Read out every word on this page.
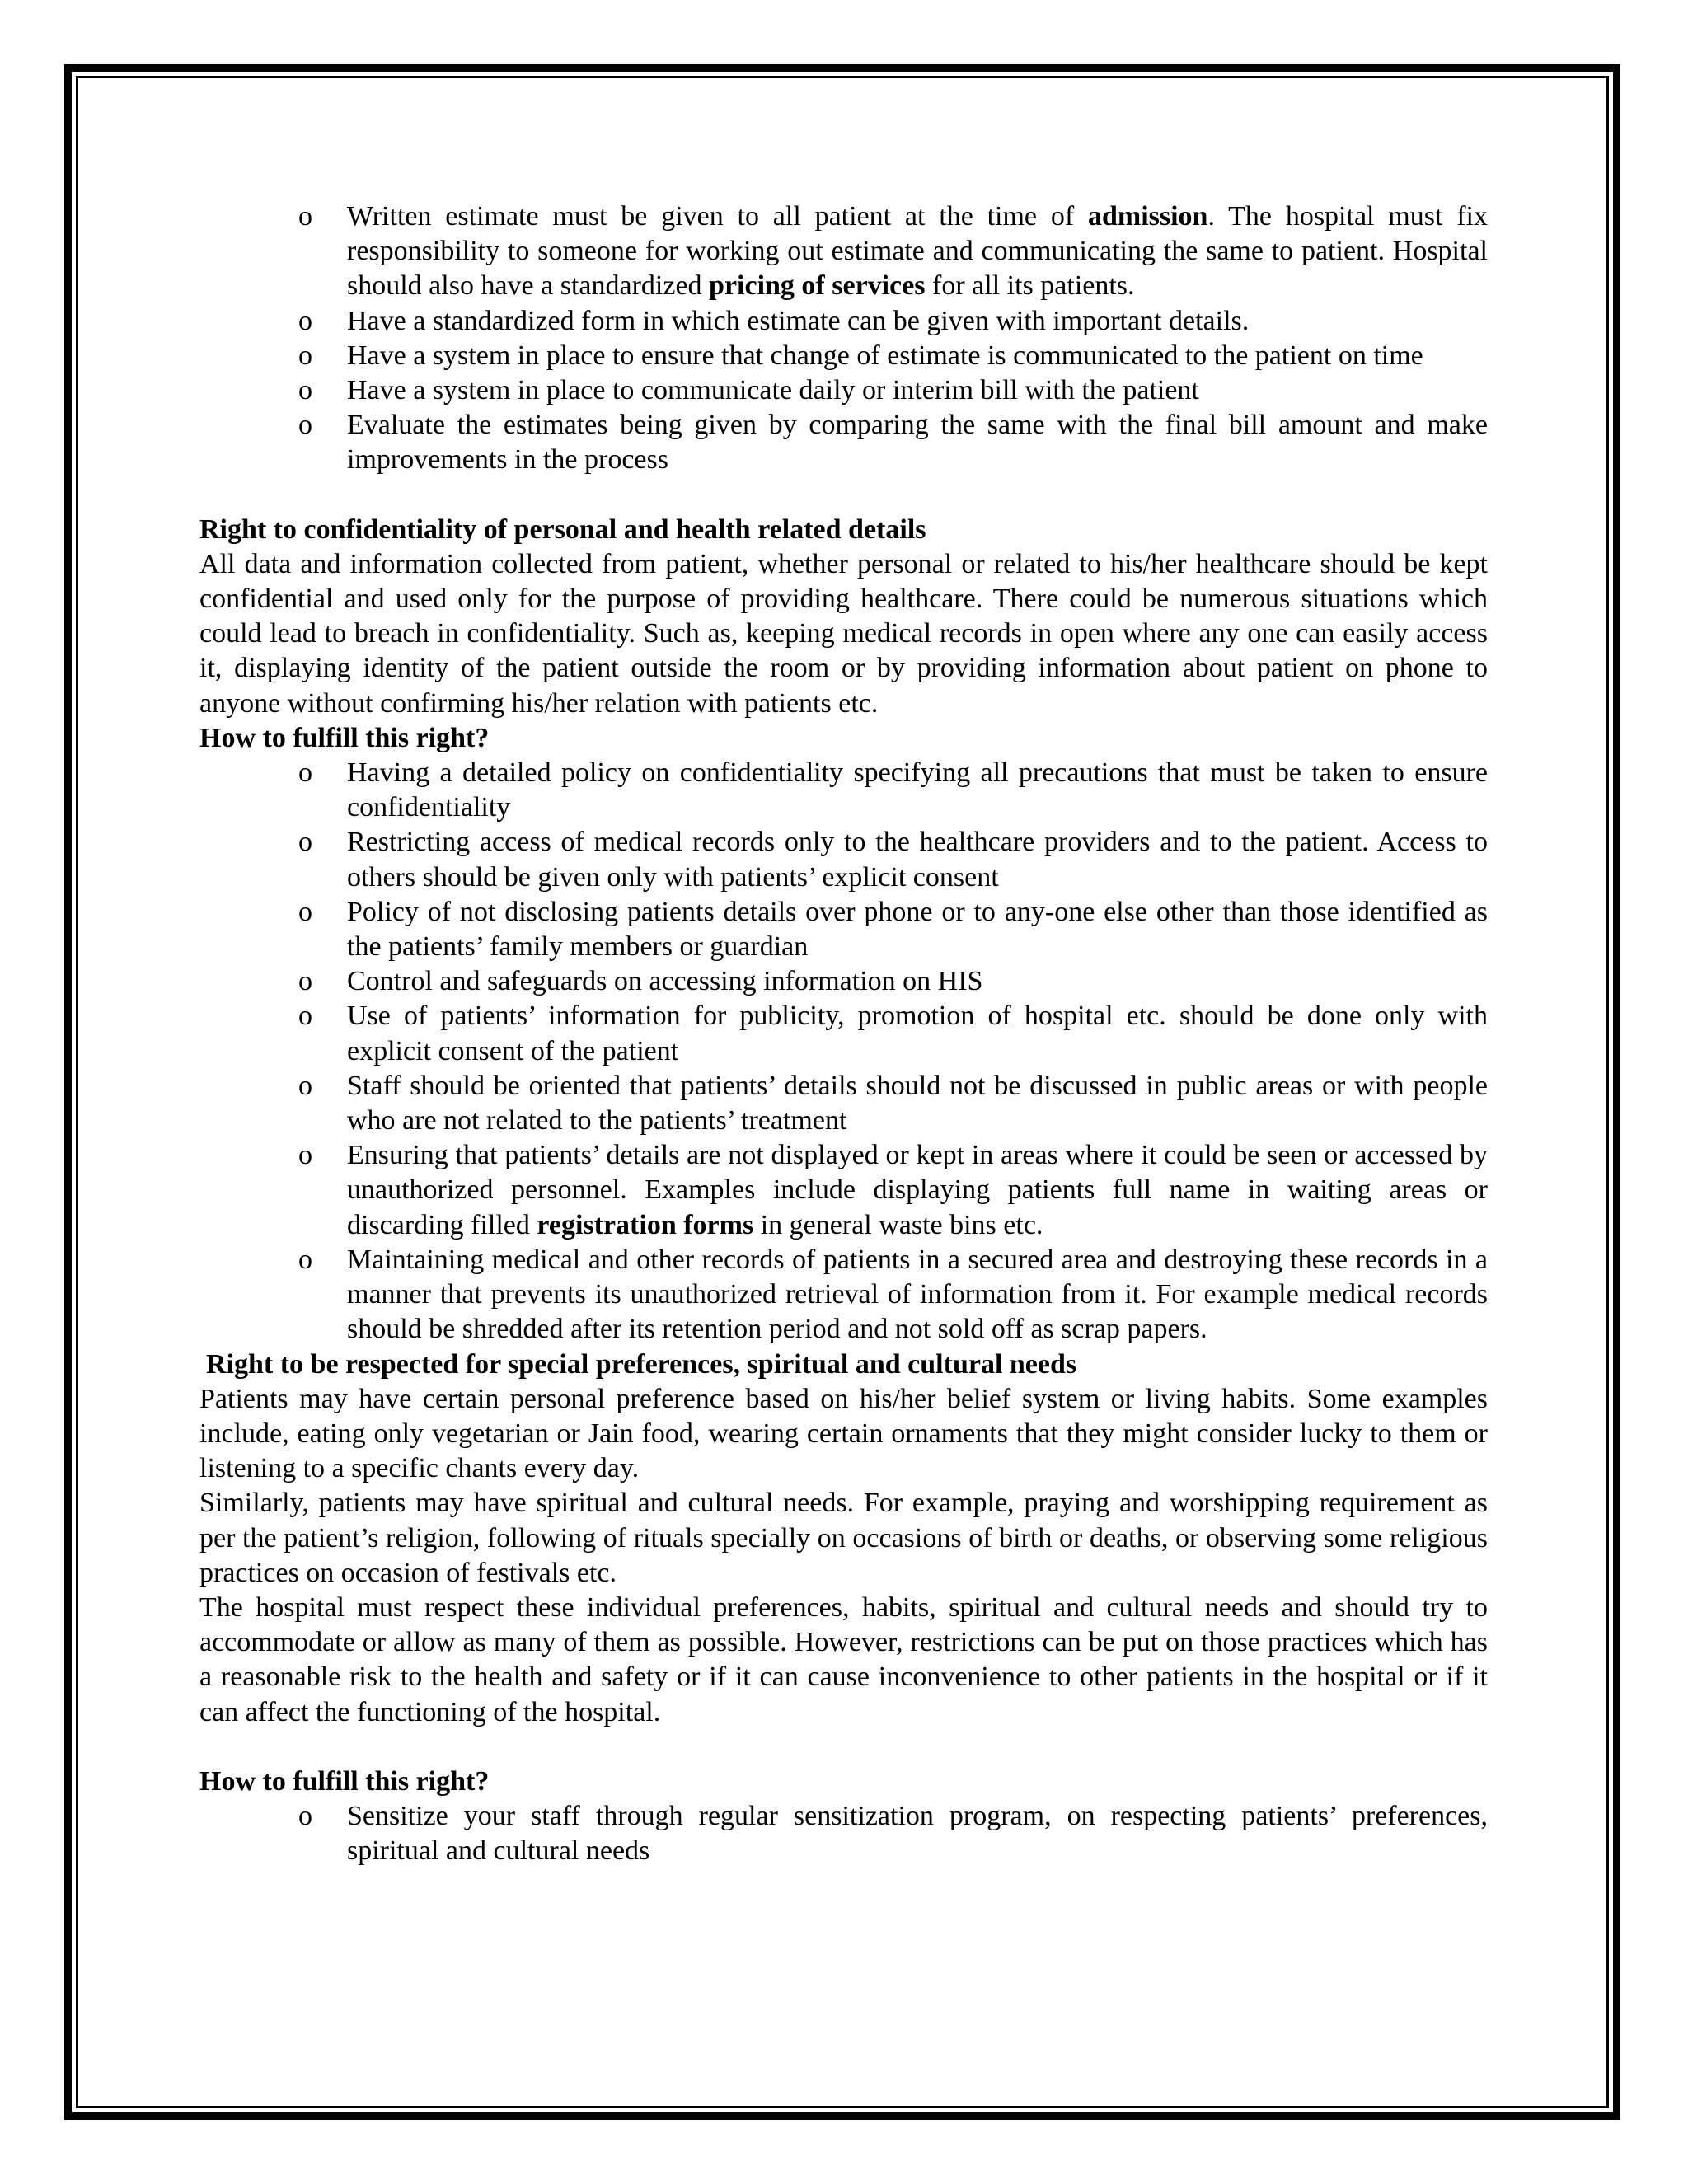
o Written estimate must be given to all patient at the time of admission. The hospital must fix responsibility to someone for working out estimate and communicating the same to patient. Hospital should also have a standardized pricing of services for all its patients.
o Have a standardized form in which estimate can be given with important details.
o Have a system in place to ensure that change of estimate is communicated to the patient on time
o Have a system in place to communicate daily or interim bill with the patient
o Evaluate the estimates being given by comparing the same with the final bill amount and make improvements in the process

Right to confidentiality of personal and health related details

All data and information collected from patient, whether personal or related to his/her healthcare should be kept confidential and used only for the purpose of providing healthcare. There could be numerous situations which could lead to breach in confidentiality. Such as, keeping medical records in open where any one can easily access it, displaying identity of the patient outside the room or by providing information about patient on phone to anyone without confirming his/her relation with patients etc.

How to fulfill this right?

o Having a detailed policy on confidentiality specifying all precautions that must be taken to ensure confidentiality
o Restricting access of medical records only to the healthcare providers and to the patient. Access to others should be given only with patients’ explicit consent
o Policy of not disclosing patients details over phone or to any-one else other than those identified as the patients’ family members or guardian
o Control and safeguards on accessing information on HIS
o Use of patients’ information for publicity, promotion of hospital etc. should be done only with explicit consent of the patient
o Staff should be oriented that patients’ details should not be discussed in public areas or with people who are not related to the patients’ treatment
o Ensuring that patients’ details are not displayed or kept in areas where it could be seen or accessed by unauthorized personnel. Examples include displaying patients full name in waiting areas or discarding filled registration forms in general waste bins etc.
o Maintaining medical and other records of patients in a secured area and destroying these records in a manner that prevents its unauthorized retrieval of information from it. For example medical records should be shredded after its retention period and not sold off as scrap papers.

Right to be respected for special preferences, spiritual and cultural needs

Patients may have certain personal preference based on his/her belief system or living habits. Some examples include, eating only vegetarian or Jain food, wearing certain ornaments that they might consider lucky to them or listening to a specific chants every day.

Similarly, patients may have spiritual and cultural needs. For example, praying and worshipping requirement as per the patient’s religion, following of rituals specially on occasions of birth or deaths, or observing some religious practices on occasion of festivals etc.

The hospital must respect these individual preferences, habits, spiritual and cultural needs and should try to accommodate or allow as many of them as possible. However, restrictions can be put on those practices which has a reasonable risk to the health and safety or if it can cause inconvenience to other patients in the hospital or if it can affect the functioning of the hospital.

How to fulfill this right?

o Sensitize your staff through regular sensitization program, on respecting patients’ preferences, spiritual and cultural needs
